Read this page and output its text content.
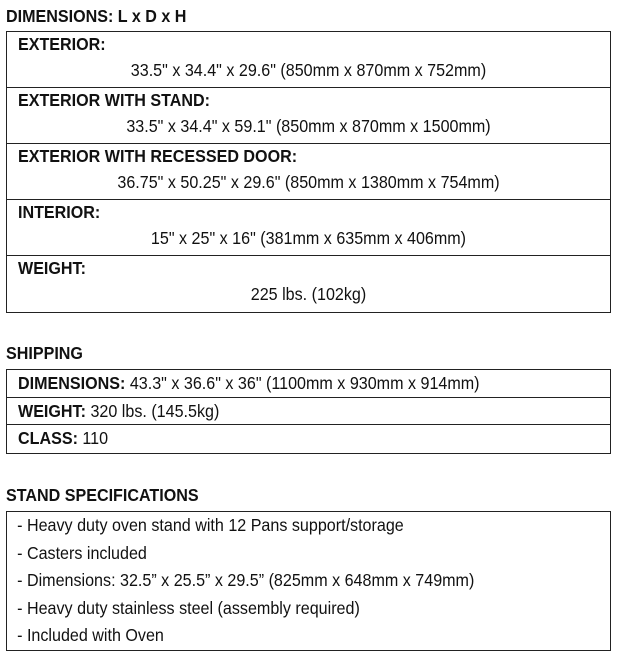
DIMENSIONS: L x D x H
EXTERIOR:
33.5" x 34.4" x 29.6" (850mm x 870mm x 752mm)
EXTERIOR WITH STAND:
33.5" x 34.4" x 59.1" (850mm x 870mm x 1500mm)
EXTERIOR WITH RECESSED DOOR:
36.75" x 50.25" x 29.6" (850mm x 1380mm x 754mm)
INTERIOR:
15" x 25" x 16" (381mm x 635mm x 406mm)
WEIGHT:
225 lbs. (102kg)
SHIPPING
DIMENSIONS: 43.3" x 36.6" x 36" (1100mm x 930mm x 914mm)
WEIGHT: 320 lbs. (145.5kg)
CLASS: 110
STAND SPECIFICATIONS
- Heavy duty oven stand with 12 Pans support/storage
- Casters included
- Dimensions: 32.5” x 25.5” x 29.5” (825mm x 648mm x 749mm)
- Heavy duty stainless steel (assembly required)
- Included with Oven
